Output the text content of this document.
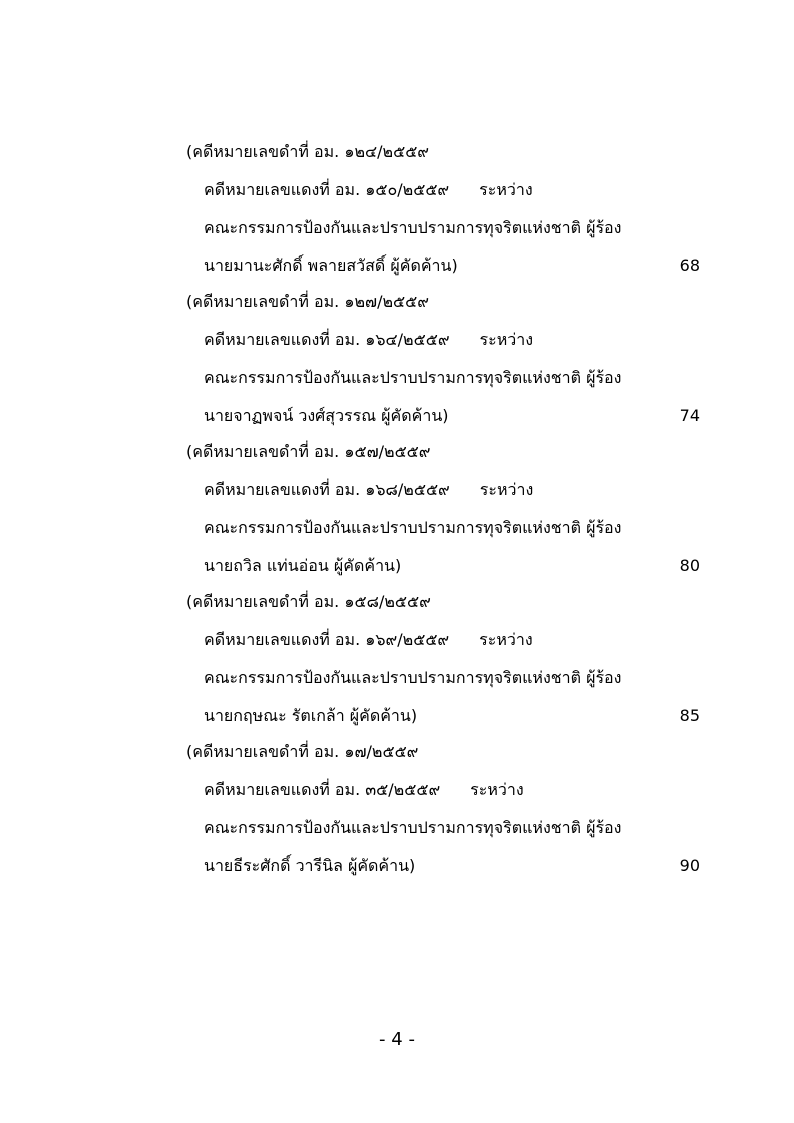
(คดีหมายเลขดำที่ อม. ๑๒๔/๒๕๕๙
คดีหมายเลขแดงที่ อม. ๑๕๐/๒๕๕๙ ระหว่าง
คณะกรรมการป้องกันและปราบปรามการทุจริตแห่งชาติ ผู้ร้อง
นายมานะศักดิ์ พลายสวัสดิ์ ผู้คัดค้าน)	68
(คดีหมายเลขดำที่ อม. ๑๒๗/๒๕๕๙
คดีหมายเลขแดงที่ อม. ๑๖๔/๒๕๕๙ ระหว่าง
คณะกรรมการป้องกันและปราบปรามการทุจริตแห่งชาติ ผู้ร้อง
นายจาฏพจน์ วงศ์สุวรรณ ผู้คัดค้าน)	74
(คดีหมายเลขดำที่ อม. ๑๕๗/๒๕๕๙
คดีหมายเลขแดงที่ อม. ๑๖๘/๒๕๕๙ ระหว่าง
คณะกรรมการป้องกันและปราบปรามการทุจริตแห่งชาติ ผู้ร้อง
นายถวิล แท่นอ่อน ผู้คัดค้าน)	80
(คดีหมายเลขดำที่ อม. ๑๕๘/๒๕๕๙
คดีหมายเลขแดงที่ อม. ๑๖๙/๒๕๕๙ ระหว่าง
คณะกรรมการป้องกันและปราบปรามการทุจริตแห่งชาติ ผู้ร้อง
นายกฤษณะ รัตเกล้า ผู้คัดค้าน)	85
(คดีหมายเลขดำที่ อม. ๑๗/๒๕๕๙
คดีหมายเลขแดงที่ อม. ๓๕/๒๕๕๙ ระหว่าง
คณะกรรมการป้องกันและปราบปรามการทุจริตแห่งชาติ ผู้ร้อง
นายธีระศักดิ์ วารีนิล ผู้คัดค้าน)	90
- 4 -
